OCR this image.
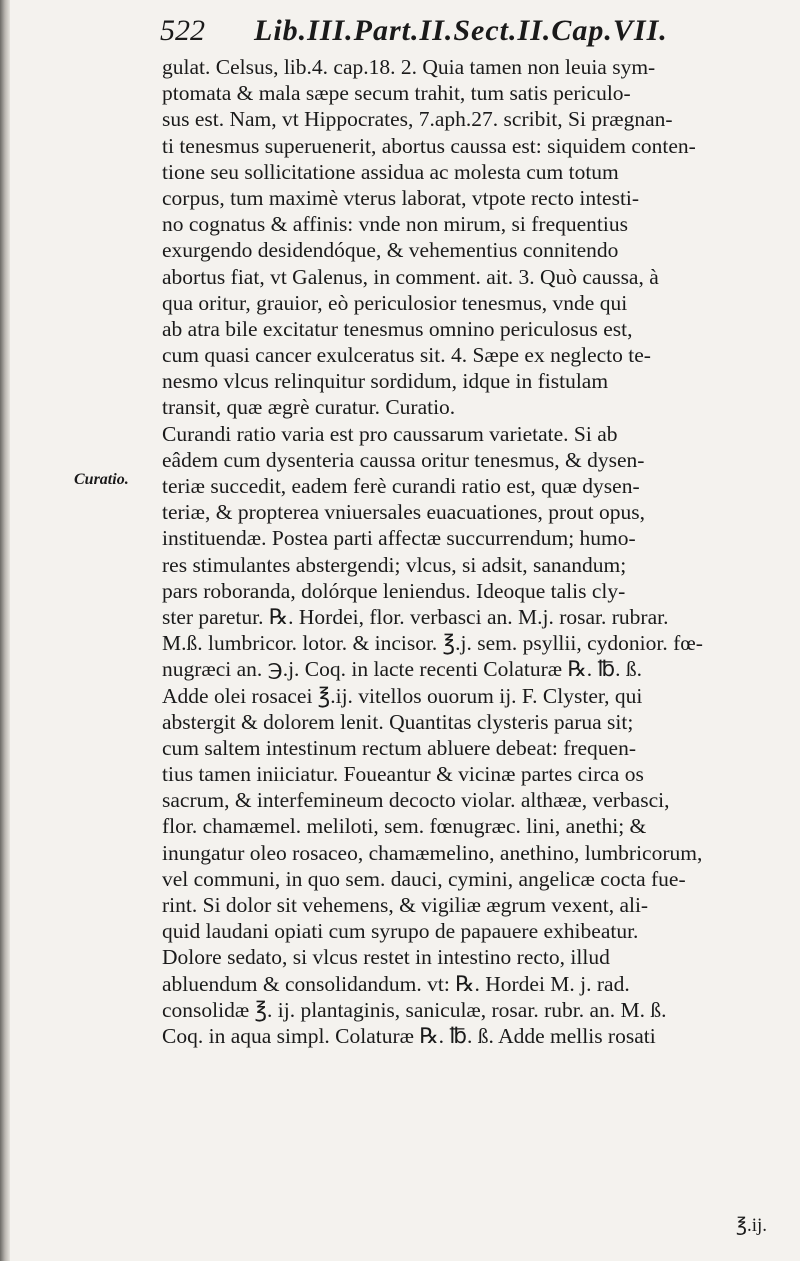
522 Lib.III.Part.II.Sect.II.Cap.VII.
Curatio.
gulat. Celsus, lib.4. cap.18. 2. Quia tamen non leuia sym-
ptomata & mala sæpe secum trahit, tum satis periculo-
sus est. Nam, vt Hippocrates, 7.aph.27. scribit, Si prægnan-
ti tenesmus superuenerit, abortus caussa est: siquidem conten-
tione seu sollicitatione assidua ac molesta cum totum
corpus, tum maximè vterus laborat, vtpote recto intesti-
no cognatus & affinis: vnde non mirum, si frequentius
exurgendo desidendóque, & vehementius connitendo
abortus fiat, vt Galenus, in comment. ait. 3. Quò caussa, à
qua oritur, grauior, eò periculosior tenesmus, vnde qui
ab atra bile excitatur tenesmus omnino periculosus est,
cum quasi cancer exulceratus sit. 4. Sæpe ex neglecto te-
nesmo vlcus relinquitur sordidum, idque in fistulam
transit, quæ ægrè curatur. Curatio.
Curandi ratio varia est pro caussarum varietate. Si ab
eâdem cum dysenteria caussa oritur tenesmus, & dysen-
teriæ succedit, eadem ferè curandi ratio est, quæ dysen-
teriæ, & propterea vniuersales euacuationes, prout opus,
instituendæ. Postea parti affectæ succurrendum; humo-
res stimulantes abstergendi; vlcus, si adsit, sanandum;
pars roboranda, dolórque leniendus. Ideoque talis cly-
ster paretur. ℞. Hordei, flor. verbasci an. M.j. rosar. rubrar.
M.ß. lumbricor. lotor. & incisor. ℥.j. sem. psyllii, cydonior. fœ-
nugræci an. ℈.j. Coq. in lacte recenti Colaturæ ℞. ℔. ß.
Adde olei rosacei ℥.ij. vitellos ouorum ij. F. Clyster, qui
abstergit & dolorem lenit. Quantitas clysteris parua sit;
cum saltem intestinum rectum abluere debeat: frequen-
tius tamen iniiciatur. Foueantur & vicinæ partes circa os
sacrum, & interfemineum decocto violar. althææ, verbasci,
flor. chamæmel. meliloti, sem. fœnugræc. lini, anethi; &
inungatur oleo rosaceo, chamæmelino, anethino, lumbricorum,
vel communi, in quo sem. dauci, cymini, angelicæ cocta fue-
rint. Si dolor sit vehemens, & vigiliæ ægrum vexent, ali-
quid laudani opiati cum syrupo de papauere exhibeatur.
Dolore sedato, si vlcus restet in intestino recto, illud
abluendum & consolidandum. vt: ℞. Hordei M. j. rad.
consolidæ ℥. ij. plantaginis, saniculæ, rosar. rubr. an. M. ß.
Coq. in aqua simpl. Colaturæ ℞. ℔. ß. Adde mellis rosati
℥.ij.
